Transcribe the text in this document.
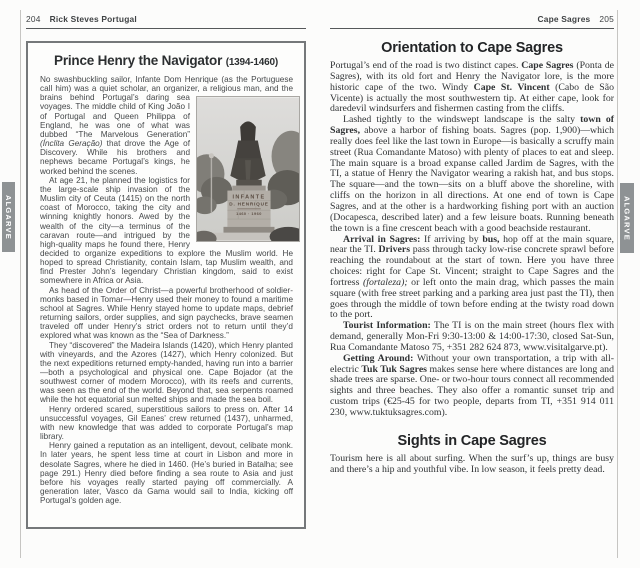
ALGARVE	ALGARVE
204 Rick Steves Portugal
Prince Henry the Navigator (1394-1460)
INFANTE
D. HENRIQUE
1460 · 1960

No swashbuckling sailor, Infante Dom Henrique (as the Portuguese call him) was a quiet scholar, an organizer, a religious man, and the brains behind Portugal’s daring sea voyages. The middle child of King João I of Portugal and Queen Philippa of England, he was one of what was dubbed “The Marvelous Generation” (Ínclita Geração) that drove the Age of Discovery. While his brothers and nephews became Portugal’s kings, he worked behind the scenes.

At age 21, he planned the logistics for the large-scale ship invasion of the Muslim city of Ceuta (1415) on the north coast of Morocco, taking the city and winning knightly honors. Awed by the wealth of the city—a terminus of the caravan route—and intrigued by the high-quality maps he found there, Henry decided to organize expeditions to explore the Muslim world. He hoped to spread Christianity, contain Islam, tap Muslim wealth, and find Prester John’s legendary Christian kingdom, said to exist somewhere in Africa or Asia.

As head of the Order of Christ—a powerful brotherhood of soldier-monks based in Tomar—Henry used their money to found a maritime school at Sagres. While Henry stayed home to update maps, debrief returning sailors, order supplies, and sign paychecks, brave seamen traveled off under Henry’s strict orders not to return until they’d explored what was known as the “Sea of Darkness.”

They “discovered” the Madeira Islands (1420), which Henry planted with vineyards, and the Azores (1427), which Henry colonized. But the next expeditions returned empty-handed, having run into a barrier—both a psychological and physical one. Cape Bojador (at the southwest corner of modern Morocco), with its reefs and currents, was seen as the end of the world. Beyond that, sea serpents roamed while the hot equatorial sun melted ships and made the sea boil.

Henry ordered scared, superstitious sailors to press on. After 14 unsuccessful voyages, Gil Eanes’ crew returned (1437), unharmed, with new knowledge that was added to corporate Portugal’s map library.

Henry gained a reputation as an intelligent, devout, celibate monk. In later years, he spent less time at court in Lisbon and more in desolate Sagres, where he died in 1460. (He’s buried in Batalha; see page 291.) Henry died before finding a sea route to Asia and just before his voyages really started paying off commercially. A generation later, Vasco da Gama would sail to India, kicking off Portugal’s golden age.

Cape Sagres 205
Orientation to Cape Sagres

Portugal’s end of the road is two distinct capes. Cape Sagres (Ponta de Sagres), with its old fort and Henry the Navigator lore, is the more historic cape of the two. Windy Cape St. Vincent (Cabo de São Vicente) is actually the most southwestern tip. At either cape, look for daredevil windsurfers and fishermen casting from the cliffs.

Lashed tightly to the windswept landscape is the salty town of Sagres, above a harbor of fishing boats. Sagres (pop. 1,900)—which really does feel like the last town in Europe—is basically a scruffy main street (Rua Comandante Matoso) with plenty of places to eat and sleep. The main square is a broad expanse called Jardim de Sagres, with the TI, a statue of Henry the Navigator wearing a rakish hat, and bus stops. The square—and the town—sits on a bluff above the shoreline, with cliffs on the horizon in all directions. At one end of town is Cape Sagres, and at the other is a hardworking fishing port with an auction (Docapesca, described later) and a few leisure boats. Running beneath the town is a fine crescent beach with a good beachside restaurant.

Arrival in Sagres: If arriving by bus, hop off at the main square, near the TI. Drivers pass through tacky low-rise concrete sprawl before reaching the roundabout at the start of town. Here you have three choices: right for Cape St. Vincent; straight to Cape Sagres and the fortress (fortaleza); or left onto the main drag, which passes the main square (with free street parking and a parking area just past the TI), then goes through the middle of town before ending at the twisty road down to the port.

Tourist Information: The TI is on the main street (hours flex with demand, generally Mon-Fri 9:30-13:00 & 14:00-17:30, closed Sat-Sun, Rua Comandante Matoso 75, +351 282 624 873, www.visitalgarve.pt).

Getting Around: Without your own transportation, a trip with all-electric Tuk Tuk Sagres makes sense here where distances are long and shade trees are sparse. One- or two-hour tours connect all recommended sights and three beaches. They also offer a romantic sunset trip and custom trips (€25-45 for two people, departs from TI, +351 914 011 230, www.tuktuksagres.com).

Sights in Cape Sagres

Tourism here is all about surfing. When the surf’s up, things are busy and there’s a hip and youthful vibe. In low season, it feels pretty dead.
